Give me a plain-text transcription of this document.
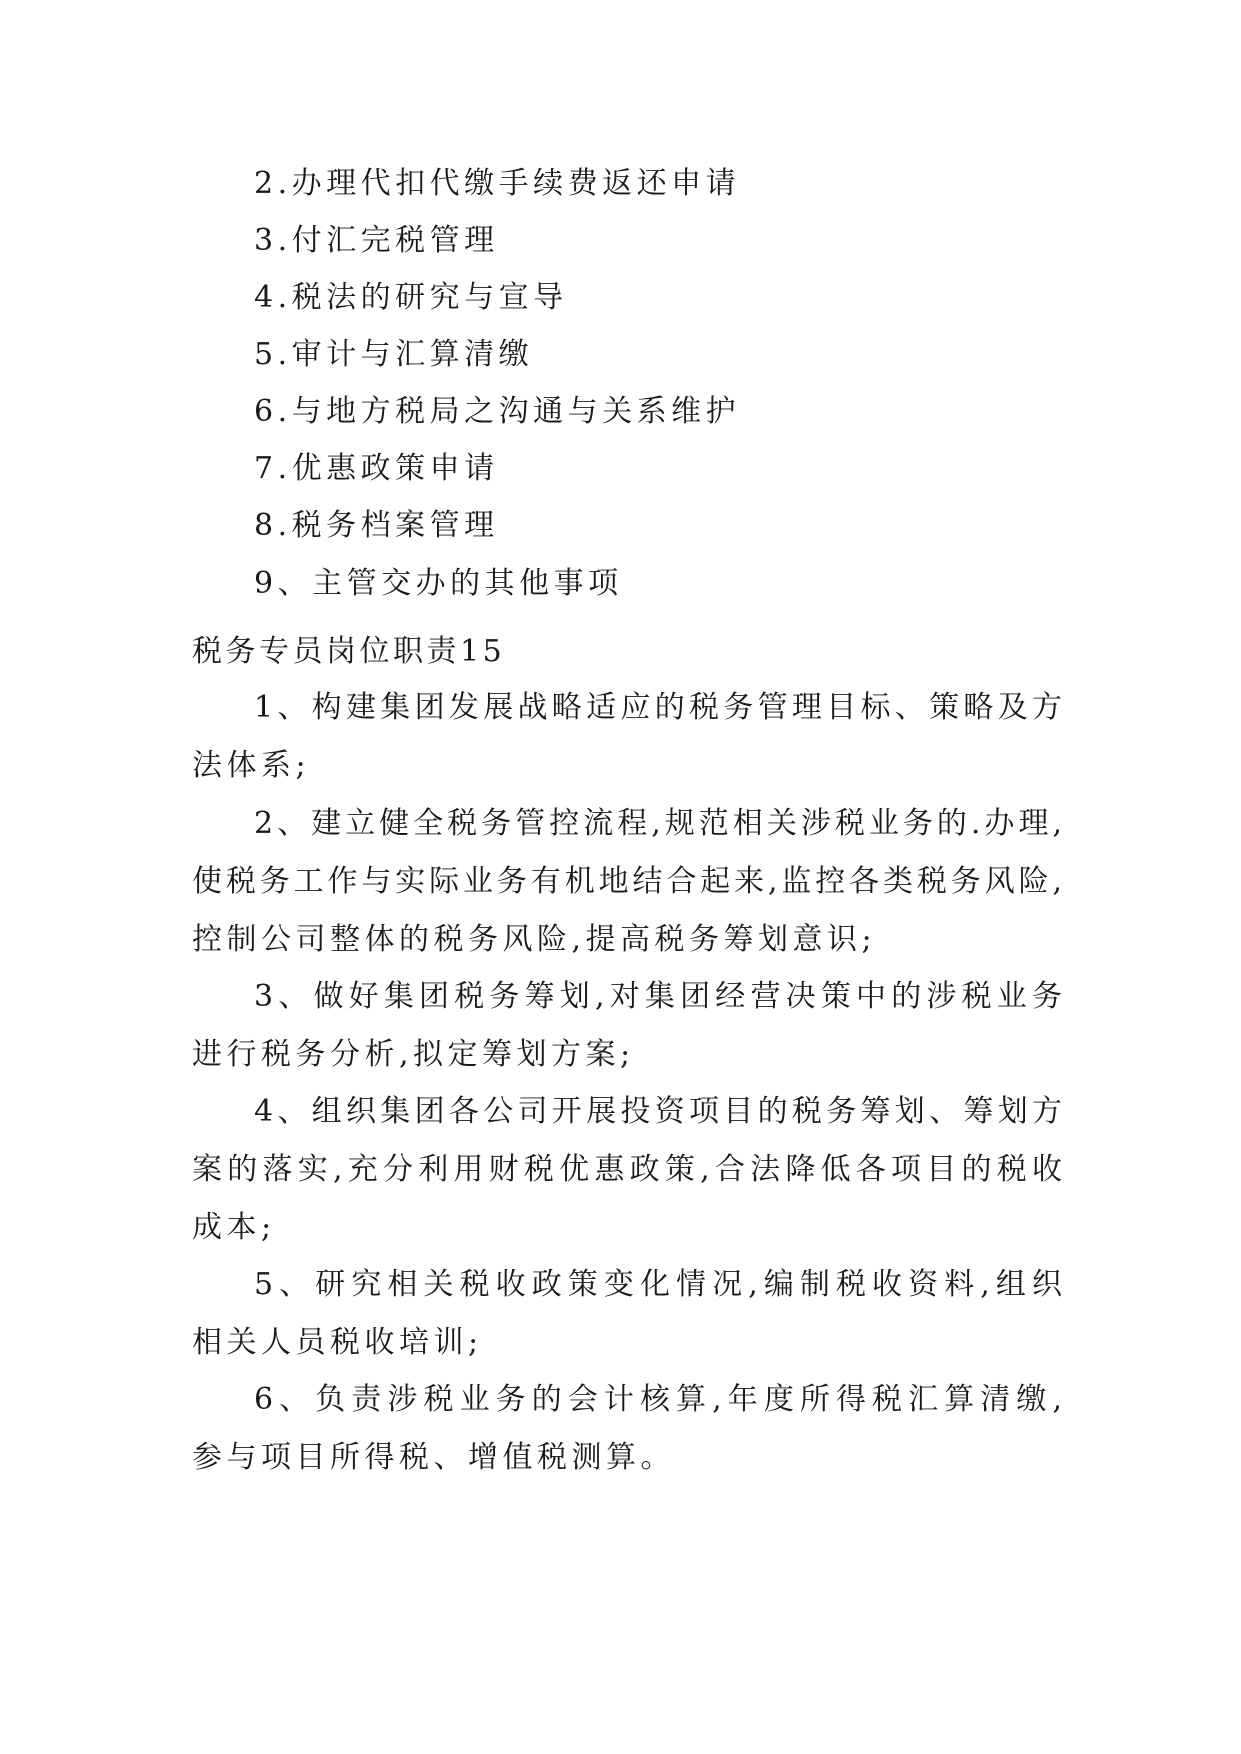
2.办理代扣代缴手续费返还申请
3.付汇完税管理
4.税法的研究与宣导
5.审计与汇算清缴
6.与地方税局之沟通与关系维护
7.优惠政策申请
8.税务档案管理
9、主管交办的其他事项
税务专员岗位职责15
1、构建集团发展战略适应的税务管理目标、策略及方
法体系;
2、建立健全税务管控流程,规范相关涉税业务的.办理,
使税务工作与实际业务有机地结合起来,监控各类税务风险,
控制公司整体的税务风险,提高税务筹划意识;
3、做好集团税务筹划,对集团经营决策中的涉税业务
进行税务分析,拟定筹划方案;
4、组织集团各公司开展投资项目的税务筹划、筹划方
案的落实,充分利用财税优惠政策,合法降低各项目的税收
成本;
5、研究相关税收政策变化情况,编制税收资料,组织
相关人员税收培训;
6、负责涉税业务的会计核算,年度所得税汇算清缴,
参与项目所得税、增值税测算。
